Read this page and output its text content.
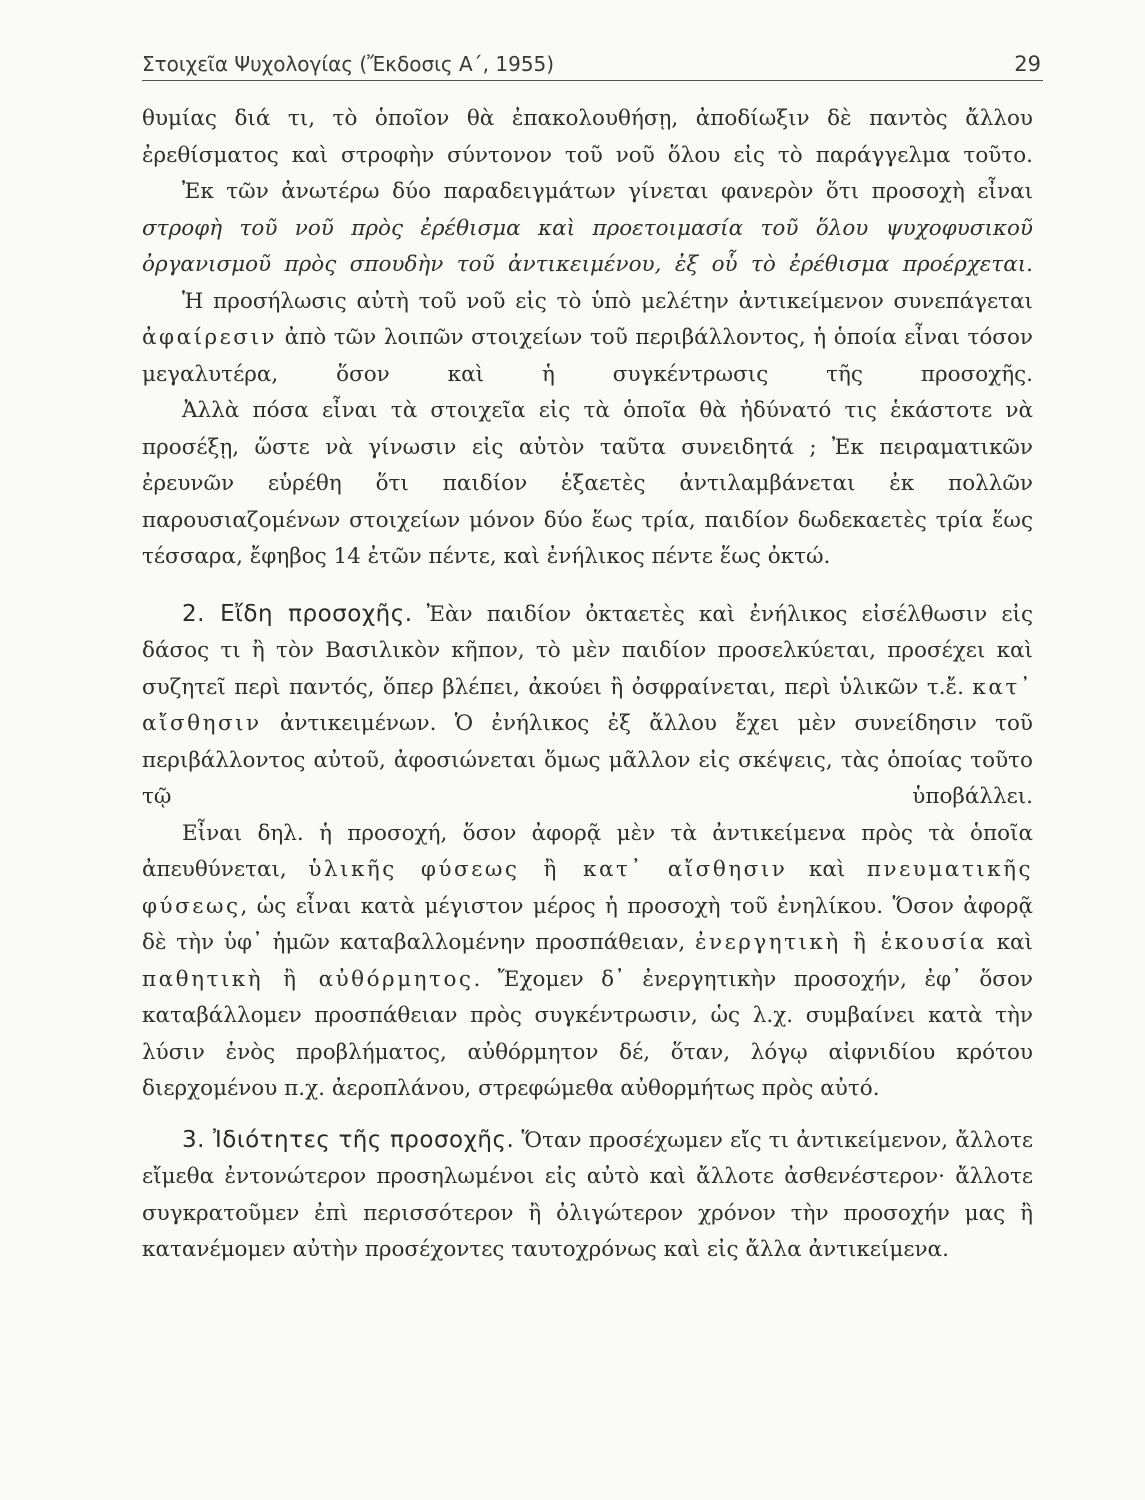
Στοιχεῖα Ψυχολογίας (Ἔκδοσις Α΄, 1955)	29

θυμίας διά τι, τὸ ὁποῖον θὰ ἐπακολουθήσῃ, ἀποδίωξιν δὲ παντὸς ἄλλου ἐρεθίσματος καὶ στροφὴν σύντονον τοῦ νοῦ ὅλου εἰς τὸ παράγγελμα τοῦτο.

Ἐκ τῶν ἀνωτέρω δύο παραδειγμάτων γίνεται φανερὸν ὅτι προσοχὴ εἶναι στροφὴ τοῦ νοῦ πρὸς ἐρέθισμα καὶ προετοιμασία τοῦ ὅλου ψυχοφυσικοῦ ὀργανισμοῦ πρὸς σπουδὴν τοῦ ἀντικειμένου, ἐξ οὗ τὸ ἐρέθισμα προέρχεται.

Ἡ προσήλωσις αὐτὴ τοῦ νοῦ εἰς τὸ ὑπὸ μελέτην ἀντικείμενον συνεπάγεται ἀφαίρεσιν ἀπὸ τῶν λοιπῶν στοιχείων τοῦ περιβάλλοντος, ἡ ὁποία εἶναι τόσον μεγαλυτέρα, ὅσον καὶ ἡ συγκέντρωσις τῆς προσοχῆς.

Ἀλλὰ πόσα εἶναι τὰ στοιχεῖα εἰς τὰ ὁποῖα θὰ ἠδύνατό τις ἑκάστοτε νὰ προσέξῃ, ὥστε νὰ γίνωσιν εἰς αὐτὸν ταῦτα συνειδητά ; Ἐκ πειραματικῶν ἐρευνῶν εὑρέθη ὅτι παιδίον ἑξαετὲς ἀντιλαμβάνεται ἐκ πολλῶν παρουσιαζομένων στοιχείων μόνον δύο ἕως τρία, παιδίον δωδεκαετὲς τρία ἕως τέσσαρα, ἔφηβος 14 ἐτῶν πέντε, καὶ ἐνήλικος πέντε ἕως ὀκτώ.

2. Εἴδη προσοχῆς. Ἐὰν παιδίον ὀκταετὲς καὶ ἐνήλικος εἰσέλθωσιν εἰς δάσος τι ἢ τὸν Βασιλικὸν κῆπον, τὸ μὲν παιδίον προσελκύεται, προσέχει καὶ συζητεῖ περὶ παντός, ὅπερ βλέπει, ἀκούει ἢ ὀσφραίνεται, περὶ ὑλικῶν τ.ἔ. κατ᾽ αἴσθησιν ἀντικειμένων. Ὁ ἐνήλικος ἐξ ἄλλου ἔχει μὲν συνείδησιν τοῦ περιβάλλοντος αὐτοῦ, ἀφοσιώνεται ὅμως μᾶλλον εἰς σκέψεις, τὰς ὁποίας τοῦτο τῷ ὑποβάλλει.

Εἶναι δηλ. ἡ προσοχή, ὅσον ἀφορᾷ μὲν τὰ ἀντικείμενα πρὸς τὰ ὁποῖα ἀπευθύνεται, ὑλικῆς φύσεως ἢ κατ᾽ αἴσθησιν καὶ πνευματικῆς φύσεως, ὡς εἶναι κατὰ μέγιστον μέρος ἡ προσοχὴ τοῦ ἐνηλίκου. Ὅσον ἀφορᾷ δὲ τὴν ὑφ᾽ ἡμῶν καταβαλλομένην προσπάθειαν, ἐνεργητικὴ ἢ ἑκουσία καὶ παθητικὴ ἢ αὐθόρμητος. Ἔχομεν δ᾽ ἐνεργητικὴν προσοχήν, ἐφ᾽ ὅσον καταβάλλομεν προσπάθειαν πρὸς συγκέντρωσιν, ὡς λ.χ. συμβαίνει κατὰ τὴν λύσιν ἑνὸς προβλήματος, αὐθόρμητον δέ, ὅταν, λόγῳ αἰφνιδίου κρότου διερχομένου π.χ. ἀεροπλάνου, στρεφώμεθα αὐθορμήτως πρὸς αὐτό.

3. Ἰδιότητες τῆς προσοχῆς. Ὅταν προσέχωμεν εἴς τι ἀντικείμενον, ἄλλοτε εἴμεθα ἐντονώτερον προσηλωμένοι εἰς αὐτὸ καὶ ἄλλοτε ἀσθενέστερον· ἄλλοτε συγκρατοῦμεν ἐπὶ περισσότερον ἢ ὀλιγώτερον χρόνον τὴν προσοχήν μας ἢ κατανέμομεν αὐτὴν προσέχοντες ταυτοχρόνως καὶ εἰς ἄλλα ἀντικείμενα.
